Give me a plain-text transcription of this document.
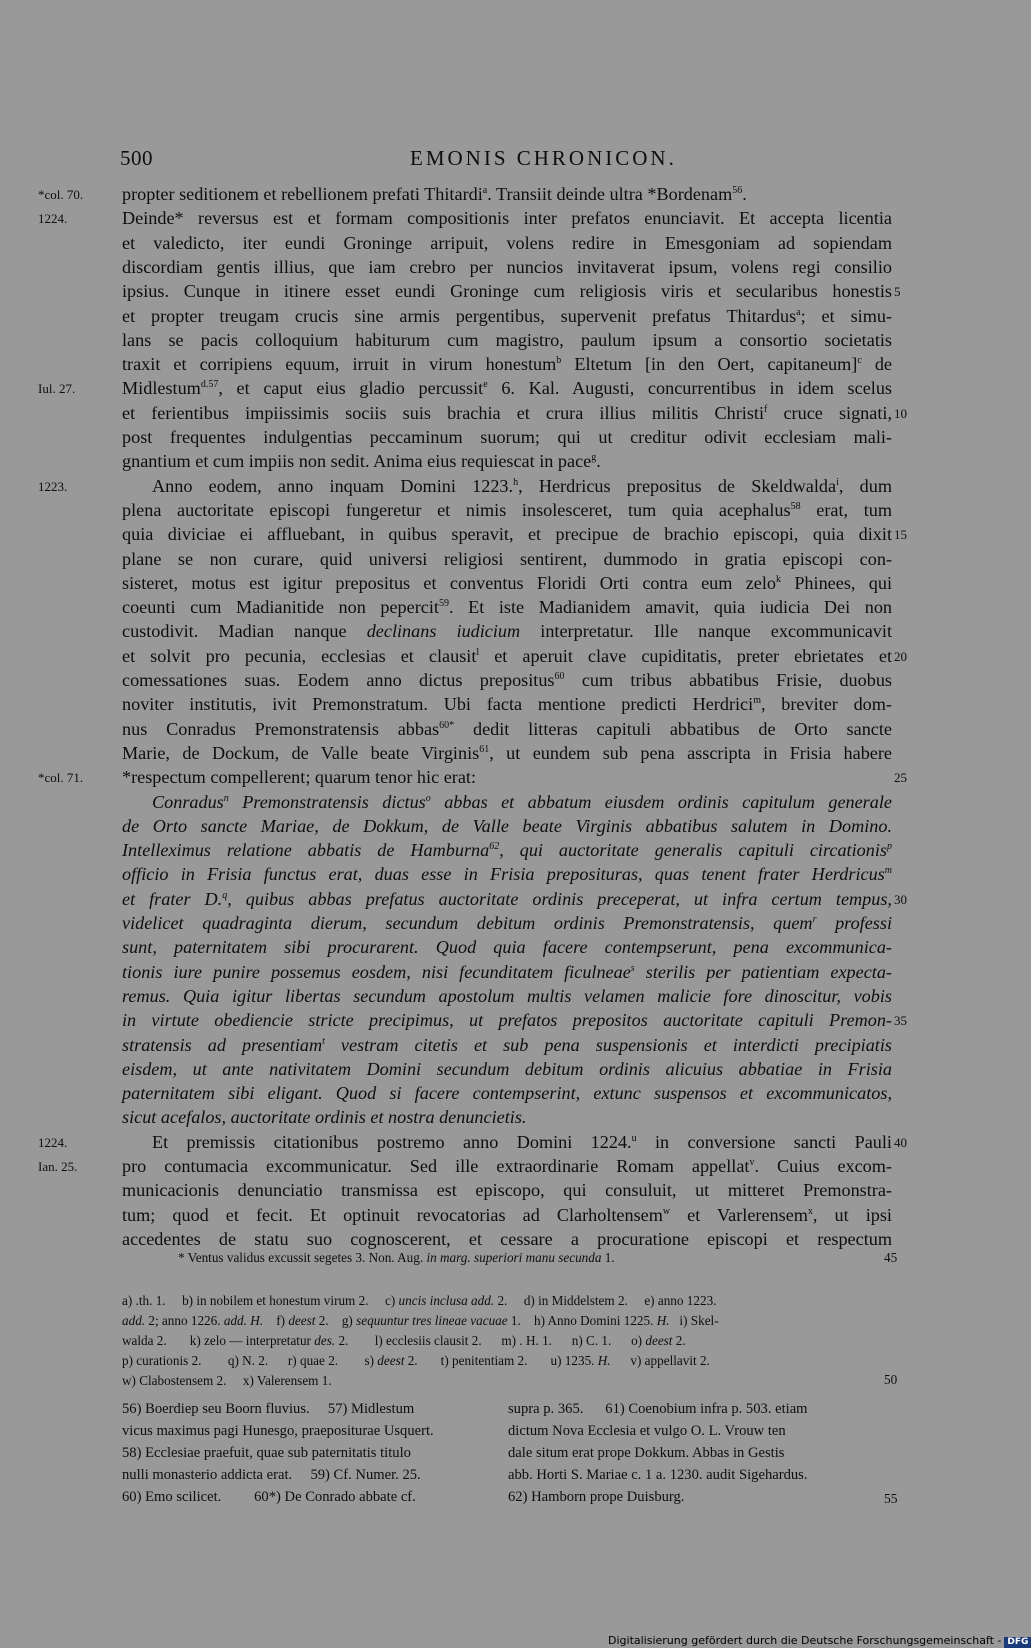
500	EMONIS CHRONICON.
propter seditionem et rebellionem prefati Thitardi$^a$. Transiit deinde ultra *Bordenam$^{56}$.
*col. 70.
Deinde* reversus est et formam compositionis inter prefatos enunciavit. Et accepta licentia
1224.
et valedicto, iter eundi Groninge arripuit, volens redire in Emesgoniam ad sopiendam
discordiam gentis illius, que iam crebro per nuncios invitaverat ipsum, volens regi consilio
ipsius. Cunque in itinere esset eundi Groninge cum religiosis viris et secularibus honestis 5
et propter treugam crucis sine armis pergentibus, supervenit prefatus Thitardus$^a$; et simu-
lans se pacis colloquium habiturum cum magistro, paulum ipsum a consortio societatis
traxit et corripiens equum, irruit in virum honestum$^b$ Eltetum [in den Oert, capitaneum]$^c$ de
Midlestum$^{d.57}$, et caput eius gladio percussit$^e$ 6. Kal. Augusti, concurrentibus in idem scelus
Iul. 27.
et ferientibus impiissimis sociis suis brachia et crura illius militis Christi$^f$ cruce signati, 10
post frequentes indulgentias peccaminum suorum; qui ut creditur odivit ecclesiam mali-
gnantium et cum impiis non sedit. Anima eius requiescat in pace$^g$.
Anno eodem, anno inquam Domini 1223.$^h$, Herdricus prepositus de Skeldwalda$^i$, dum
1223.
plena auctoritate episcopi fungeretur et nimis insolesceret, tum quia acephalus$^{58}$ erat, tum
quia diviciae ei affluebant, in quibus speravit, et precipue de brachio episcopi, quia dixit 15
plane se non curare, quid universi religiosi sentirent, dummodo in gratia episcopi con-
sisteret, motus est igitur prepositus et conventus Floridi Orti contra eum zelo$^k$ Phinees, qui
coeunti cum Madianitide non pepercit$^{59}$. Et iste Madianidem amavit, quia iudicia Dei non
custodivit. Madian nanque declinans iudicium interpretatur. Ille nanque excommunicavit
et solvit pro pecunia, ecclesias et clausit$^l$ et aperuit clave cupiditatis, preter ebrietates et 20
comessationes suas. Eodem anno dictus prepositus$^{60}$ cum tribus abbatibus Frisie, duobus
noviter institutis, ivit Premonstratum. Ubi facta mentione predicti Herdrici$^m$, breviter dom-
nus Conradus Premonstratensis abbas$^{60*}$ dedit litteras capituli abbatibus de Orto sancte
Marie, de Dockum, de Valle beate Virginis$^{61}$, ut eundem sub pena asscripta in Frisia habere
*respectum compellerent; quarum tenor hic erat:
*col. 71.	25
Conradus$^n$ Premonstratensis dictus$^o$ abbas et abbatum eiusdem ordinis capitulum generale
de Orto sancte Mariae, de Dokkum, de Valle beate Virginis abbatibus salutem in Domino.
Intelleximus relatione abbatis de Hamburna$^{62}$, qui auctoritate generalis capituli circationis$^p$
officio in Frisia functus erat, duas esse in Frisia preposituras, quas tenent frater Herdricus$^m$
et frater D.$^q$, quibus abbas prefatus auctoritate ordinis preceperat, ut infra certum tempus, 30
videlicet quadraginta dierum, secundum debitum ordinis Premonstratensis, quem$^r$ professi
sunt, paternitatem sibi procurarent. Quod quia facere contempserunt, pena excommunica-
tionis iure punire possemus eosdem, nisi fecunditatem ficulneae$^s$ sterilis per patientiam expecta-
remus. Quia igitur libertas secundum apostolum multis velamen malicie fore dinoscitur, vobis
in virtute obediencie stricte precipimus, ut prefatos prepositos auctoritate capituli Premon- 35
stratensis ad presentiam$^t$ vestram citetis et sub pena suspensionis et interdicti precipiatis
eisdem, ut ante nativitatem Domini secundum debitum ordinis alicuius abbatiae in Frisia
paternitatem sibi eligant. Quod si facere contempserint, extunc suspensos et excommunicatos,
sicut acefalos, auctoritate ordinis et nostra denuncietis.
Et premissis citationibus postremo anno Domini 1224.$^u$ in conversione sancti Pauli
1224.	40
pro contumacia excommunicatur. Sed ille extraordinarie Romam appellat$^v$. Cuius excom-
Ian. 25.
municacionis denunciatio transmissa est episcopo, qui consuluit, ut mitteret Premonstra-
tum; quod et fecit. Et optinuit revocatorias ad Clarholtensem$^w$ et Varlerensem$^x$, ut ipsi
accedentes de statu suo cognoscerent, et cessare a procuratione episcopi et respectum
* Ventus validus excussit segetes 3. Non. Aug. in marg. superiori manu secunda 1.	45
a) .th. 1.     b) in nobilem et honestum virum 2.     c) uncis inclusa add. 2.     d) in Middelstem 2.     e) anno 1223.
add. 2; anno 1226. add. H.    f) deest 2.    g) sequuntur tres lineae vacuae 1.    h) Anno Domini 1225. H.   i) Skel-
walda 2.       k) zelo — interpretatur des. 2.        l) ecclesiis clausit 2.      m) . H. 1.      n) C. 1.      o) deest 2.
p) curationis 2.        q) N. 2.      r) quae 2.        s) deest 2.       t) penitentiam 2.       u) 1235. H.      v) appellavit 2.
w) Clabostensem 2.     x) Valerensem 1.	50
56) Boerdiep seu Boorn fluvius.     57) Midlestum
vicus maximus pagi Hunesgo, praepositurae Usquert.
58) Ecclesiae praefuit, quae sub paternitatis titulo
nulli monasterio addicta erat.     59) Cf. Numer. 25.
60) Emo scilicet.         60*) De Conrado abbate cf.
supra p. 365.      61) Coenobium infra p. 503. etiam
dictum Nova Ecclesia et vulgo O. L. Vrouw ten
dale situm erat prope Dokkum. Abbas in Gestis
abb. Horti S. Mariae c. 1 a. 1230. audit Sigehardus.
62) Hamborn prope Duisburg.	55
Digitalisierung gefördert durch die Deutsche Forschungsgemeinschaft - DFG
